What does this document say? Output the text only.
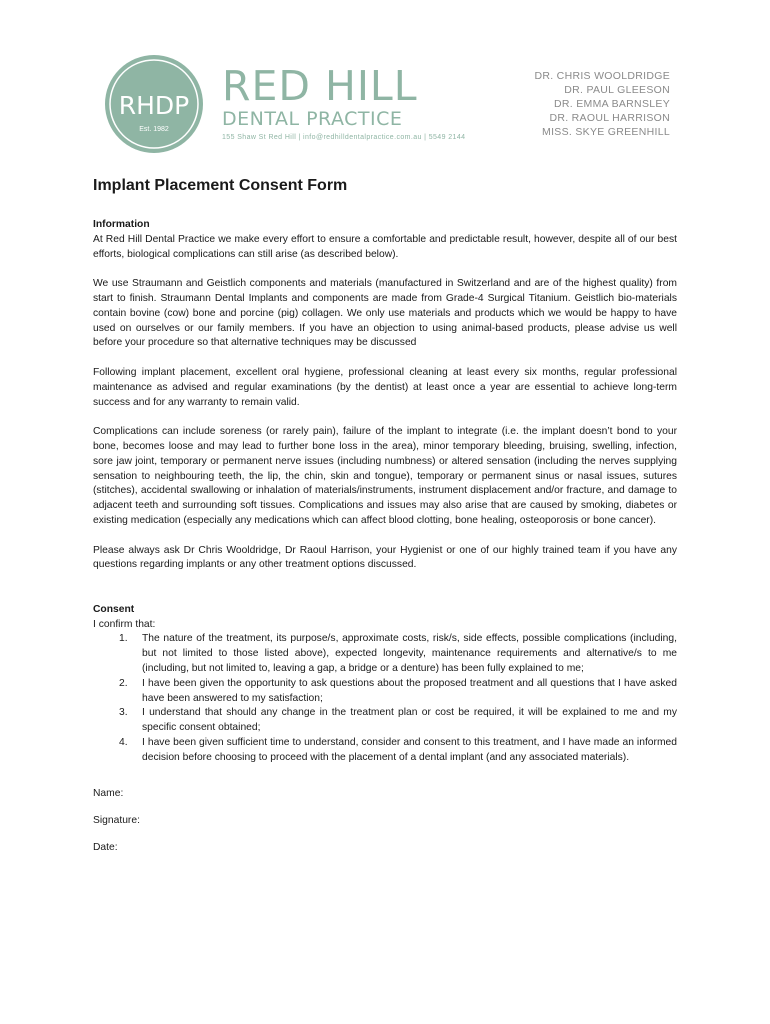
RHDP
Est. 1982
RED HILL
DENTAL PRACTICE
155 Shaw St Red Hill | info@redhilldentalpractice.com.au | 5549 2144
DR. CHRIS WOOLDRIDGE
DR. PAUL GLEESON
DR. EMMA BARNSLEY
DR. RAOUL HARRISON
MISS. SKYE GREENHILL
Implant Placement Consent Form
Information

At Red Hill Dental Practice we make every effort to ensure a comfortable and predictable result, however, despite all of our best efforts, biological complications can still arise (as described below).

We use Straumann and Geistlich components and materials (manufactured in Switzerland and are of the highest quality) from start to finish. Straumann Dental Implants and components are made from Grade-4 Surgical Titanium. Geistlich bio-materials contain bovine (cow) bone and porcine (pig) collagen. We only use materials and products which we would be happy to have used on ourselves or our family members. If you have an objection to using animal-based products, please advise us well before your procedure so that alternative techniques may be discussed

Following implant placement, excellent oral hygiene, professional cleaning at least every six months, regular professional maintenance as advised and regular examinations (by the dentist) at least once a year are essential to achieve long-term success and for any warranty to remain valid.

Complications can include soreness (or rarely pain), failure of the implant to integrate (i.e. the implant doesn’t bond to your bone, becomes loose and may lead to further bone loss in the area), minor temporary bleeding, bruising, swelling, infection, sore jaw joint, temporary or permanent nerve issues (including numbness) or altered sensation (including the nerves supplying sensation to neighbouring teeth, the lip, the chin, skin and tongue), temporary or permanent sinus or nasal issues, sutures (stitches), accidental swallowing or inhalation of materials/instruments, instrument displacement and/or fracture, and damage to adjacent teeth and surrounding soft tissues. Complications and issues may also arise that are caused by smoking, diabetes or existing medication (especially any medications which can affect blood clotting, bone healing, osteoporosis or bone cancer).

Please always ask Dr Chris Wooldridge, Dr Raoul Harrison, your Hygienist or one of our highly trained team if you have any questions regarding implants or any other treatment options discussed.

Consent

I confirm that:

1. The nature of the treatment, its purpose/s, approximate costs, risk/s, side effects, possible complications (including, but not limited to those listed above), expected longevity, maintenance requirements and alternative/s to me (including, but not limited to, leaving a gap, a bridge or a denture) has been fully explained to me;
2. I have been given the opportunity to ask questions about the proposed treatment and all questions that I have asked have been answered to my satisfaction;
3. I understand that should any change in the treatment plan or cost be required, it will be explained to me and my specific consent obtained;
4. I have been given sufficient time to understand, consider and consent to this treatment, and I have made an informed decision before choosing to proceed with the placement of a dental implant (and any associated materials).
Name:
Signature:
Date:
